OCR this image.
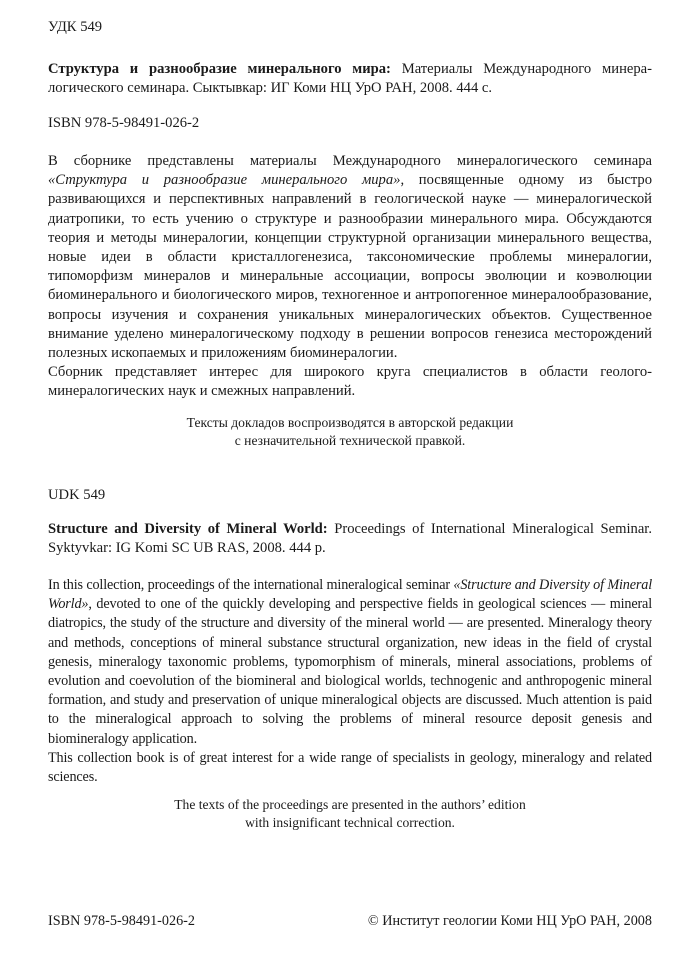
УДК 549
Структура и разнообразие минерального мира: Материалы Международного минера-логического семинара. Сыктывкар: ИГ Коми НЦ УрО РАН, 2008. 444 с.
ISBN 978-5-98491-026-2

В сборнике представлены материалы Международного минералогического семинара «Структура и разнообразие минерального мира», посвященные одному из быстро развивающихся и перспективных направлений в геологической науке — минералогической диатропики, то есть учению о структуре и разнообразии минерального мира. Обсуждаются теория и методы минералогии, концепции структурной организации минерального вещества, новые идеи в области кристаллогенезиса, таксономические проблемы минералогии, типоморфизм минералов и минеральные ассоциации, вопросы эволюции и коэволюции биоминерального и биологического миров, техногенное и антропогенное минералообразование, вопросы изучения и сохранения уникальных минералогических объектов. Существенное внимание уделено минералогическому подходу в решении вопросов генезиса месторождений полезных ископаемых и приложениям биоминералогии.

Сборник представляет интерес для широкого круга специалистов в области геолого-минералогических наук и смежных направлений.

Тексты докладов воспроизводятся в авторской редакции
с незначительной технической правкой.
UDK 549
Structure and Diversity of Mineral World: Proceedings of International Mineralogical Seminar. Syktyvkar: IG Komi SC UB RAS, 2008. 444 p.

In this collection, proceedings of the international mineralogical seminar «Structure and Diversity of Mineral World», devoted to one of the quickly developing and perspective fields in geological sciences — mineral diatropics, the study of the structure and diversity of the mineral world — are presented. Mineralogy theory and methods, conceptions of mineral substance structural organization, new ideas in the field of crystal genesis, mineralogy taxonomic problems, typomorphism of minerals, mineral associations, problems of evolution and coevolution of the biomineral and biological worlds, technogenic and anthropogenic mineral formation, and study and preservation of unique mineralogical objects are discussed. Much attention is paid to the mineralogical approach to solving the problems of mineral resource deposit genesis and biomineralogy application.

This collection book is of great interest for a wide range of specialists in geology, mineralogy and related sciences.

The texts of the proceedings are presented in the authors’ edition
with insignificant technical correction.
ISBN 978-5-98491-026-2	© Институт геологии Коми НЦ УрО РАН, 2008
